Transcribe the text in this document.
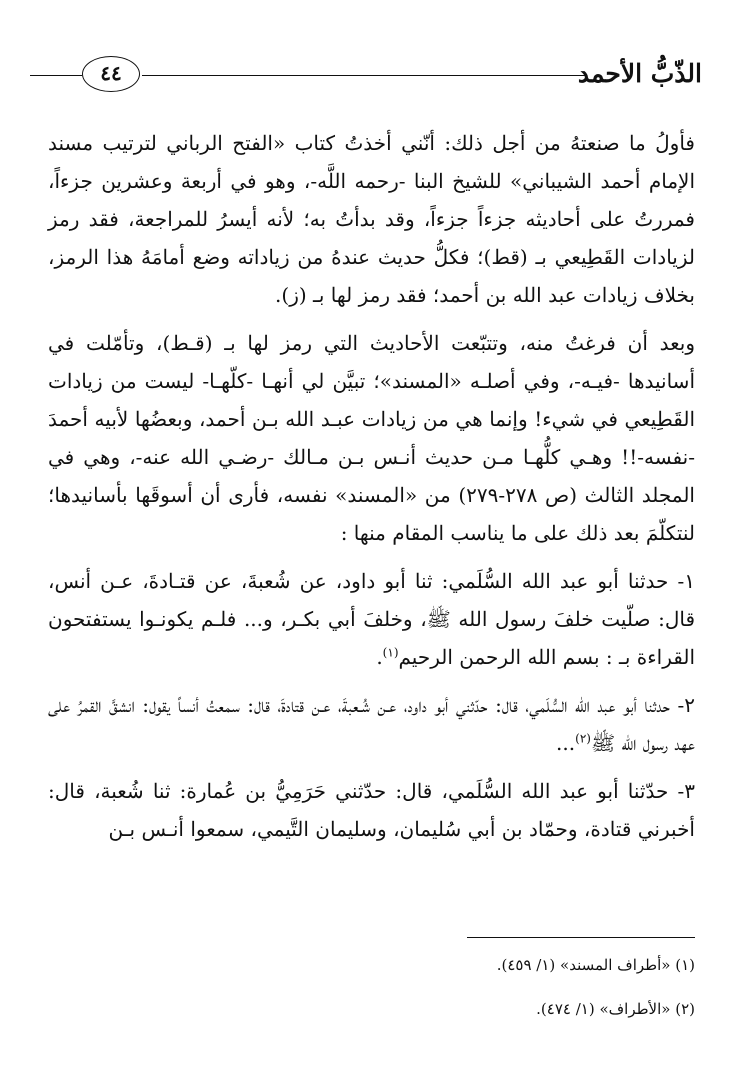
الذّبُّ الأحمد
٤٤

فأولُ ما صنعتهُ من أجل ذلك: أنّني أخذتُ كتاب «الفتح الرباني لترتيب مسند الإمام أحمد الشيباني» للشيخ البنا -رحمه اللَّه-، وهو في أربعة وعشرين جزءاً، فمررتُ على أحاديثه جزءاً جزءاً، وقد بدأتُ به؛ لأنه أيسرُ للمراجعة، فقد رمز لزيادات القَطِيعي بـ (قط)؛ فكلُّ حديث عندهُ من زياداته وضع أمامَهُ هذا الرمز، بخلاف زيادات عبد الله بن أحمد؛ فقد رمز لها بـ (ز).

وبعد أن فرغتُ منه، وتتبّعت الأحاديث التي رمز لها بـ (قـط)، وتأمّلت في أسانيدها -فيـه-، وفي أصلـه «المسند»؛ تبيَّن لي أنهـا -كلّهـا- ليست من زيادات القَطِيعي في شيء! وإنما هي من زيادات عبـد الله بـن أحمد، وبعضُها لأبيه أحمدَ -نفسه-!! وهـي كلُّهـا مـن حديث أنـس بـن مـالك -رضـي الله عنه-، وهي في المجلد الثالث (ص ٢٧٨-٢٧٩) من «المسند» نفسه، فأرى أن أسوقَها بأسانيدها؛ لنتكلّمَ بعد ذلك على ما يناسب المقام منها :

١- حدثنا أبو عبد الله السُّلَمي: ثنا أبو داود، عن شُعبةَ، عن قتـادةَ، عـن أنس، قال: صلّيت خلفَ رسول الله ﷺ، وخلفَ أبي بكـر، و... فلـم يكونـوا يستفتحون القراءة بـ : بسم الله الرحمن الرحيم$^{(١)}$.

٢- حدثنا أبو عبد الله السُّلَمي، قال: حدّثني أبو داود، عـن شُـعبةَ، عـن قتادةَ، قال: سمعتُ أنساً يقول: انشقَّ القمرُ على عهد رسول الله ﷺ$^{(٢)}$...

٣- حدّثنا أبو عبد الله السُّلَمي، قال: حدّثني حَرَمِيُّ بن عُمارة: ثنا شُعبة، قال: أخبرني قتادة، وحمّاد بن أبي سُليمان، وسليمان التَّيمي، سمعوا أنـس بـن

(١) «أطراف المسند» (١/ ٤٥٩).
(٢) «الأطراف» (١/ ٤٧٤).
